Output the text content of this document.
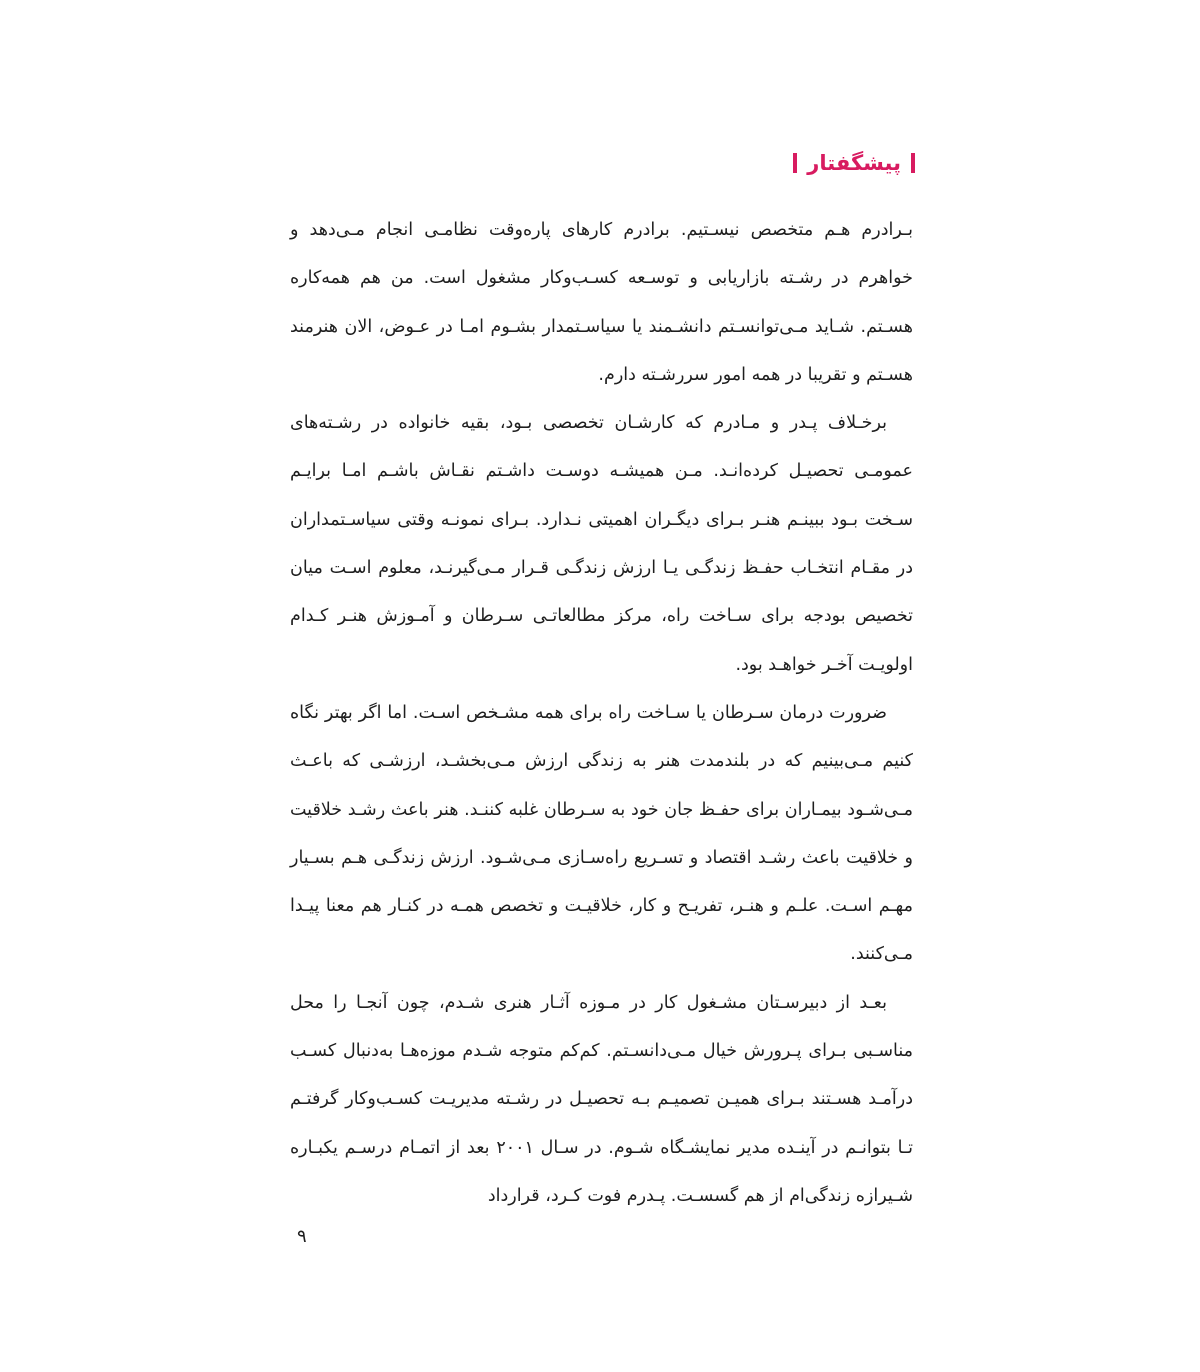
پیشگفتار

بـرادرم هـم متخصص نیسـتیم. برادرم کارهای پاره‌وقت نظامـی انجام مـی‌دهد و خواهرم در رشـته بازاریابی و توسـعه کسـب‌وکار مشغول است. من هم همه‌کاره هسـتم. شـاید مـی‌توانسـتم دانشـمند یا سیاسـتمدار بشـوم امـا در عـوض، الان هنرمند هسـتم و تقریبا در همه امور سررشـته دارم.

برخـلاف پـدر و مـادرم که کارشـان تخصصی بـود، بقیه خانواده در رشـته‌های عمومـی تحصیـل کرده‌انـد. مـن همیشـه دوسـت داشـتم نقـاش باشـم امـا برایـم سـخت بـود ببینـم هنـر بـرای دیگـران اهمیتی نـدارد. بـرای نمونـه وقتی سیاسـتمداران در مقـام انتخـاب حفـظ زندگـی یـا ارزش زندگـی قـرار مـی‌گیرنـد، معلوم اسـت میان تخصیص بودجه برای سـاخت راه، مرکز مطالعاتـی سـرطان و آمـوزش هنـر کـدام اولویـت آخـر خواهـد بود.

ضرورت درمان سـرطان یا سـاخت راه برای همه مشـخص اسـت. اما اگر بهتر نگاه کنیم مـی‌بینیم که در بلندمدت هنر به زندگی ارزش مـی‌بخشـد، ارزشـی که باعـث مـی‌شـود بیمـاران برای حفـظ جان خود به سـرطان غلبه کننـد. هنر باعث رشـد خلاقیت و خلاقیت باعث رشـد اقتصاد و تسـریع راه‌سـازی مـی‌شـود. ارزش زندگـی هـم بسـیار مهـم اسـت. علـم و هنـر، تفریـح و کار، خلاقیـت و تخصص همـه در کنـار هم معنا پیـدا مـی‌کنند.

بعـد از دبیرسـتان مشـغول کار در مـوزه آثـار هنری شـدم، چون آنجـا را محل مناسـبی بـرای پـرورش خیال مـی‌دانسـتم. کم‌کم متوجه شـدم موزه‌هـا به‌دنبال کسـب درآمـد هسـتند بـرای همیـن تصمیـم بـه تحصیـل در رشـته مدیریـت کسـب‌وکار گرفتـم تـا بتوانـم در آینـده مدیر نمایشـگاه شـوم. در سـال ۲۰۰۱ بعد از اتمـام درسـم یکبـاره شـیرازه زندگی‌ام از هم گسسـت. پـدرم فوت کـرد، قرارداد

۹
